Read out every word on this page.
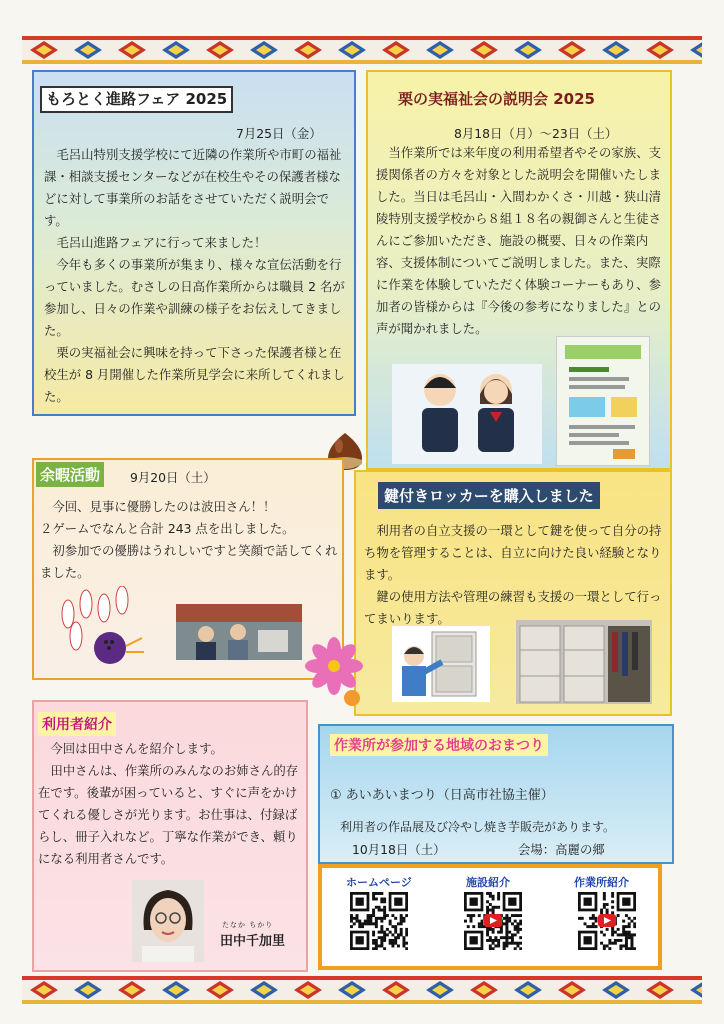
もろとく進路フェア 2025
7月25日（金）
　毛呂山特別支援学校にて近隣の作業所や市町の福祉課・相談支援センターなどが在校生やその保護者様などに対して事業所のお話をさせていただく説明会です。
　毛呂山進路フェアに行って来ました！
　今年も多くの事業所が集まり、様々な宣伝活動を行っていました。むさしの日高作業所からは職員 2 名が参加し、日々の作業や訓練の様子をお伝えしてきました。
　栗の実福祉会に興味を持って下さった保護者様と在校生が 8 月開催した作業所見学会に来所してくれました。
栗の実福祉会の説明会 2025
8月18日（月）～23日（土）
　当作業所では来年度の利用希望者やその家族、支援関係者の方々を対象とした説明会を開催いたしました。当日は毛呂山・入間わかくさ・川越・狭山清陵特別支援学校から８組１８名の親御さんと生徒さんにご参加いただき、施設の概要、日々の作業内容、支援体制についてご説明しました。また、実際に作業を体験していただく体験コーナーもあり、参加者の皆様からは『今後の参考になりました』との声が聞かれました。
余暇活動	9月20日（土）
　今回、見事に優勝したのは波田さん！！
２ゲームでなんと合計 243 点を出しました。
　初参加での優勝はうれしいですと笑顔で話してくれました。
鍵付きロッカーを購入しました
　利用者の自立支援の一環として鍵を使って自分の持ち物を管理することは、自立に向けた良い経験となります。
　鍵の使用方法や管理の練習も支援の一環として行ってまいります。
利用者紹介
　今回は田中さんを紹介します。
　田中さんは、作業所のみんなのお姉さん的存在です。後輩が困っていると、すぐに声をかけてくれる優しさが光ります。お仕事は、付録ばらし、冊子入れなど。丁寧な作業ができ、頼りになる利用者さんです。
たなか ちかり
田中千加里
作業所が参加する地域のおまつり
① あいあいまつり（日高市社協主催）
利用者の作品展及び冷やし焼き芋販売があります。
10月18日（土）	会場：高麗の郷
ホームページ	施設紹介	作業所紹介
